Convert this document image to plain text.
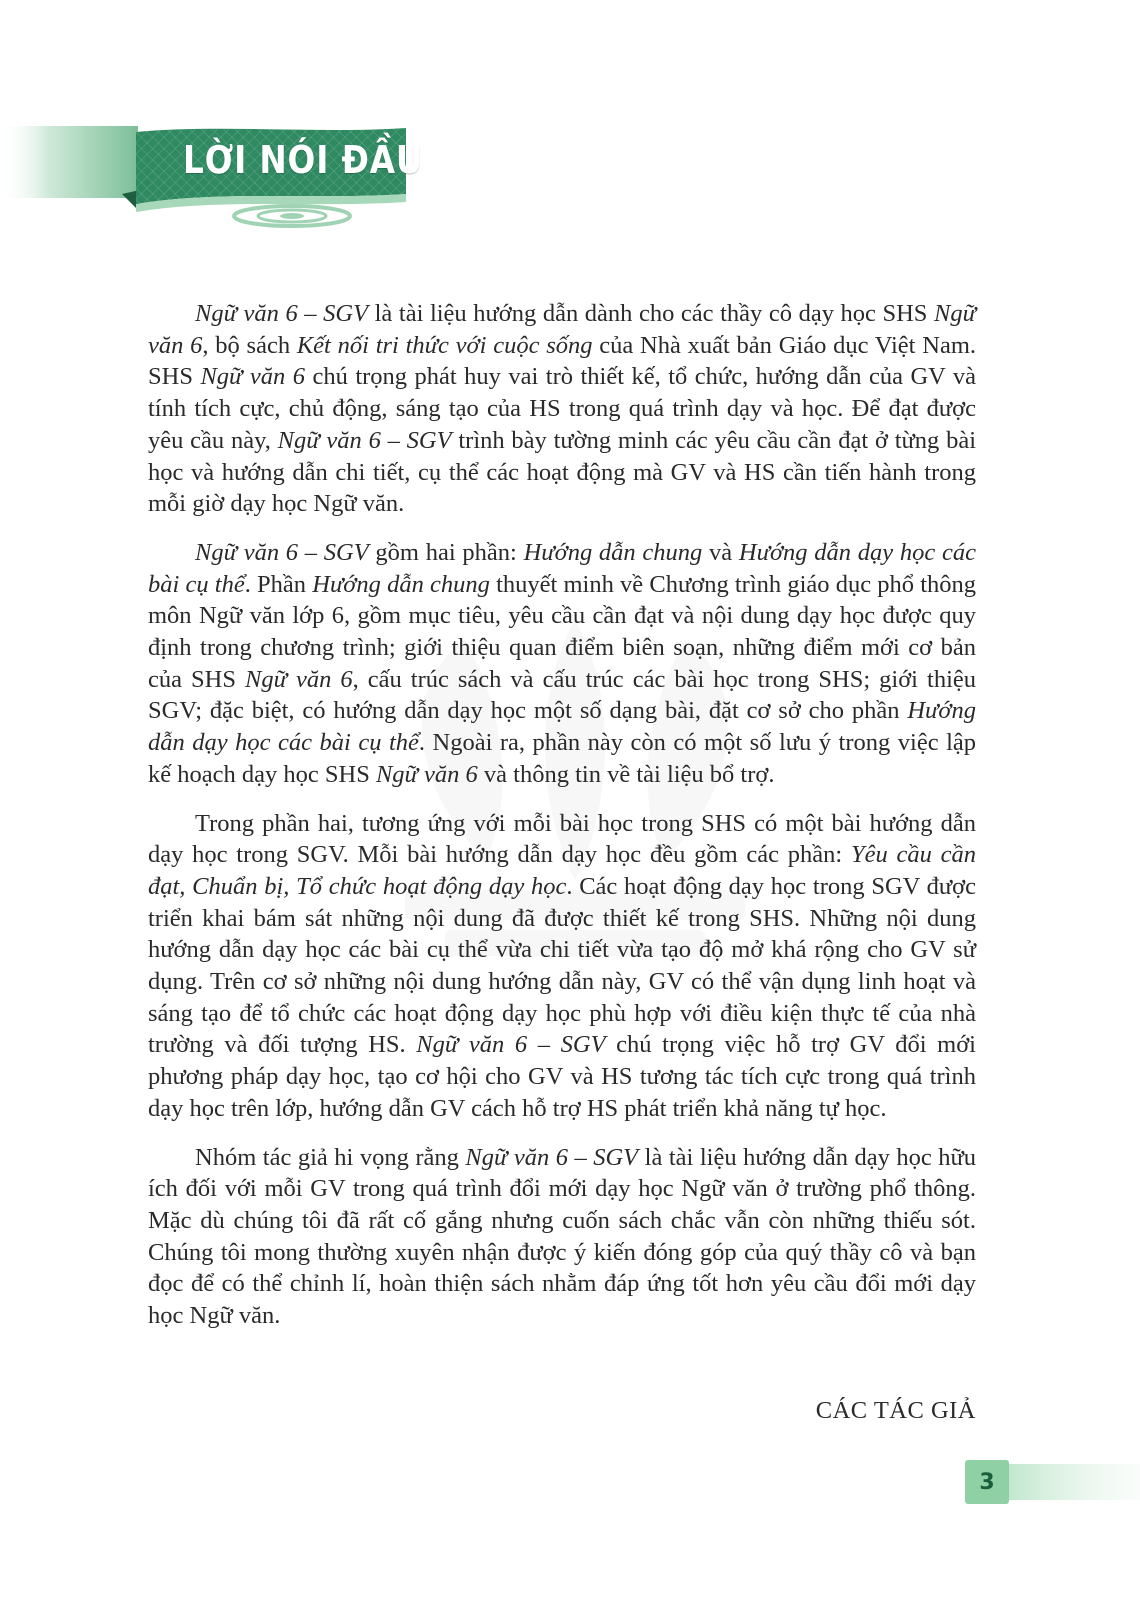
LỜI NÓI ĐẦU

Ngữ văn 6 – SGV là tài liệu hướng dẫn dành cho các thầy cô dạy học SHS Ngữ văn 6, bộ sách Kết nối tri thức với cuộc sống của Nhà xuất bản Giáo dục Việt Nam. SHS Ngữ văn 6 chú trọng phát huy vai trò thiết kế, tổ chức, hướng dẫn của GV và tính tích cực, chủ động, sáng tạo của HS trong quá trình dạy và học. Để đạt được yêu cầu này, Ngữ văn 6 – SGV trình bày tường minh các yêu cầu cần đạt ở từng bài học và hướng dẫn chi tiết, cụ thể các hoạt động mà GV và HS cần tiến hành trong mỗi giờ dạy học Ngữ văn.

Ngữ văn 6 – SGV gồm hai phần: Hướng dẫn chung và Hướng dẫn dạy học các bài cụ thể. Phần Hướng dẫn chung thuyết minh về Chương trình giáo dục phổ thông môn Ngữ văn lớp 6, gồm mục tiêu, yêu cầu cần đạt và nội dung dạy học được quy định trong chương trình; giới thiệu quan điểm biên soạn, những điểm mới cơ bản của SHS Ngữ văn 6, cấu trúc sách và cấu trúc các bài học trong SHS; giới thiệu SGV; đặc biệt, có hướng dẫn dạy học một số dạng bài, đặt cơ sở cho phần Hướng dẫn dạy học các bài cụ thể. Ngoài ra, phần này còn có một số lưu ý trong việc lập kế hoạch dạy học SHS Ngữ văn 6 và thông tin về tài liệu bổ trợ.

Trong phần hai, tương ứng với mỗi bài học trong SHS có một bài hướng dẫn dạy học trong SGV. Mỗi bài hướng dẫn dạy học đều gồm các phần: Yêu cầu cần đạt, Chuẩn bị, Tổ chức hoạt động dạy học. Các hoạt động dạy học trong SGV được triển khai bám sát những nội dung đã được thiết kế trong SHS. Những nội dung hướng dẫn dạy học các bài cụ thể vừa chi tiết vừa tạo độ mở khá rộng cho GV sử dụng. Trên cơ sở những nội dung hướng dẫn này, GV có thể vận dụng linh hoạt và sáng tạo để tổ chức các hoạt động dạy học phù hợp với điều kiện thực tế của nhà trường và đối tượng HS. Ngữ văn 6 – SGV chú trọng việc hỗ trợ GV đổi mới phương pháp dạy học, tạo cơ hội cho GV và HS tương tác tích cực trong quá trình dạy học trên lớp, hướng dẫn GV cách hỗ trợ HS phát triển khả năng tự học.

Nhóm tác giả hi vọng rằng Ngữ văn 6 – SGV là tài liệu hướng dẫn dạy học hữu ích đối với mỗi GV trong quá trình đổi mới dạy học Ngữ văn ở trường phổ thông. Mặc dù chúng tôi đã rất cố gắng nhưng cuốn sách chắc vẫn còn những thiếu sót. Chúng tôi mong thường xuyên nhận được ý kiến đóng góp của quý thầy cô và bạn đọc để có thể chỉnh lí, hoàn thiện sách nhằm đáp ứng tốt hơn yêu cầu đổi mới dạy học Ngữ văn.

CÁC TÁC GIẢ
3
